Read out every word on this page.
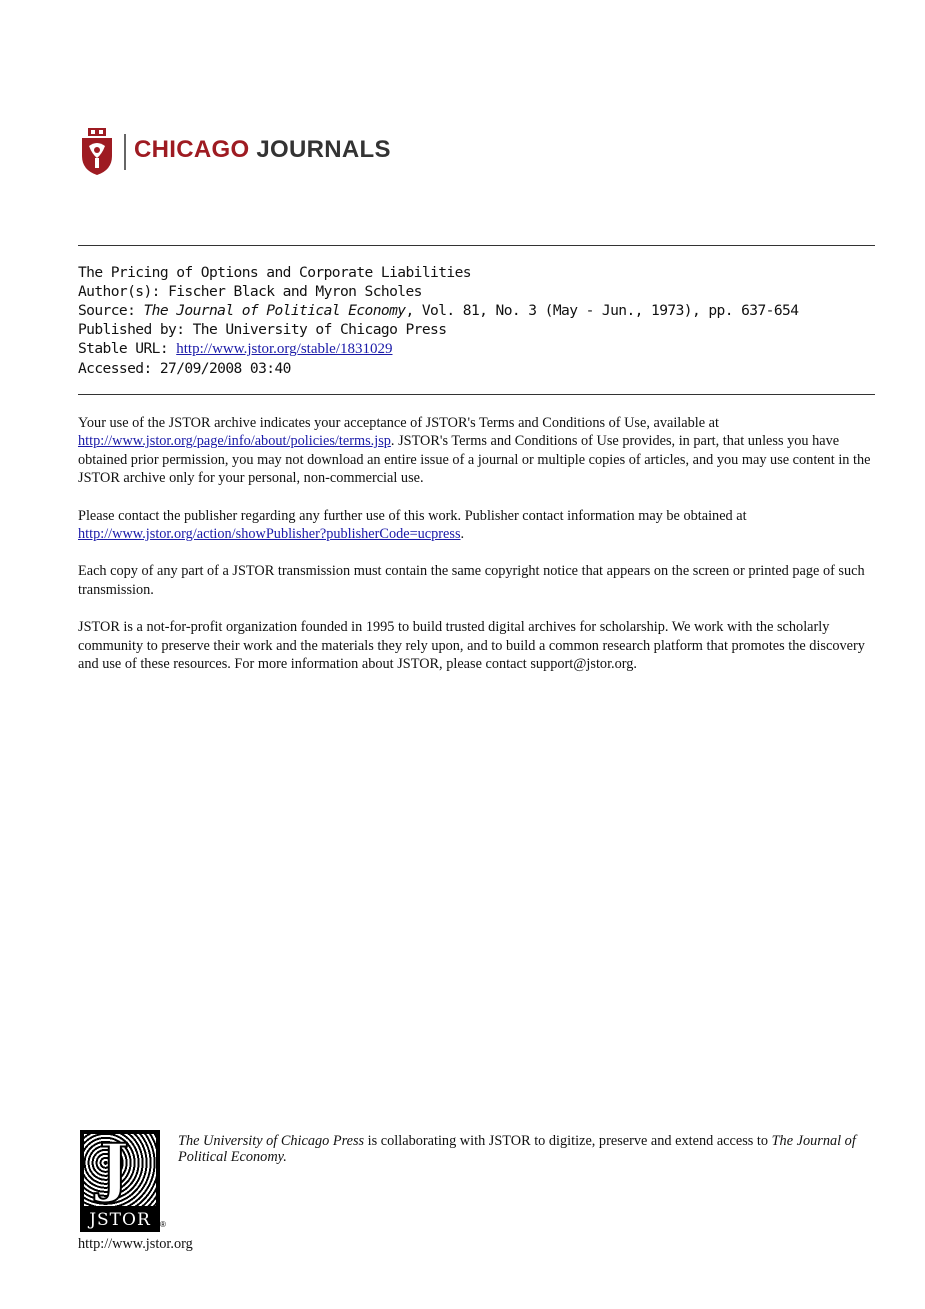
CHICAGO JOURNALS
The Pricing of Options and Corporate Liabilities
Author(s): Fischer Black and Myron Scholes
Source: The Journal of Political Economy, Vol. 81, No. 3 (May - Jun., 1973), pp. 637-654
Published by: The University of Chicago Press
Stable URL: http://www.jstor.org/stable/1831029
Accessed: 27/09/2008 03:40

Your use of the JSTOR archive indicates your acceptance of JSTOR's Terms and Conditions of Use, available at http://www.jstor.org/page/info/about/policies/terms.jsp. JSTOR's Terms and Conditions of Use provides, in part, that unless you have obtained prior permission, you may not download an entire issue of a journal or multiple copies of articles, and you may use content in the JSTOR archive only for your personal, non-commercial use.

Please contact the publisher regarding any further use of this work. Publisher contact information may be obtained at http://www.jstor.org/action/showPublisher?publisherCode=ucpress.

Each copy of any part of a JSTOR transmission must contain the same copyright notice that appears on the screen or printed page of such transmission.

JSTOR is a not-for-profit organization founded in 1995 to build trusted digital archives for scholarship. We work with the scholarly community to preserve their work and the materials they rely upon, and to build a common research platform that promotes the discovery and use of these resources. For more information about JSTOR, please contact support@jstor.org.

J
JSTOR	®
The University of Chicago Press is collaborating with JSTOR to digitize, preserve and extend access to The Journal of Political Economy.
http://www.jstor.org
